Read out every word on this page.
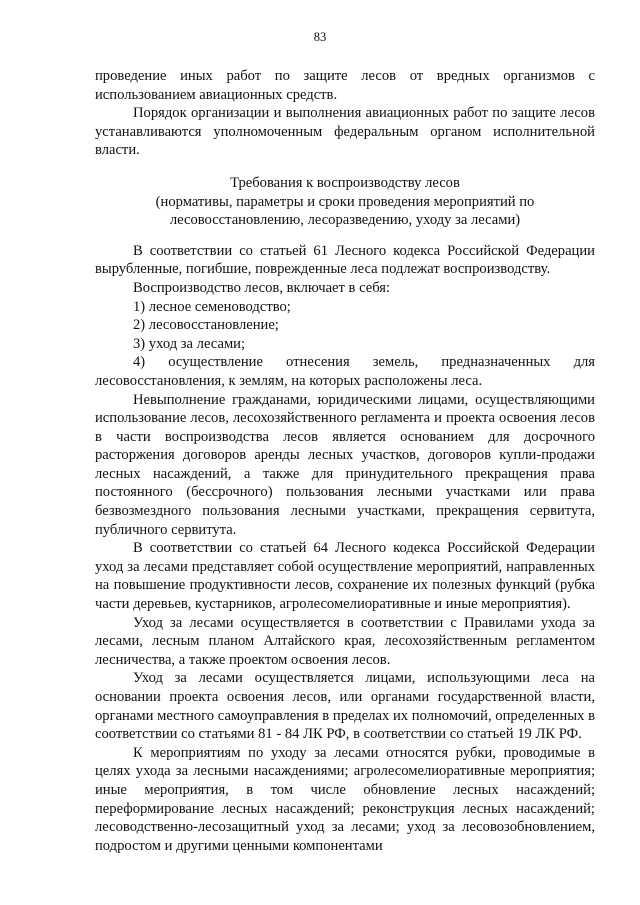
83

проведение иных работ по защите лесов от вредных организмов с использованием авиационных средств.

Порядок организации и выполнения авиационных работ по защите лесов устанавливаются уполномоченным федеральным органом исполнительной власти.

Требования к воспроизводству лесов
(нормативы, параметры и сроки проведения мероприятий по
лесовосстановлению, лесоразведению, уходу за лесами)

В соответствии со статьей 61 Лесного кодекса Российской Федерации вырубленные, погибшие, поврежденные леса подлежат воспроизводству.

Воспроизводство лесов, включает в себя:

1) лесное семеноводство;

2) лесовосстановление;

3) уход за лесами;

4) осуществление отнесения земель, предназначенных для лесовосстановления, к землям, на которых расположены леса.

Невыполнение гражданами, юридическими лицами, осуществляющими использование лесов, лесохозяйственного регламента и проекта освоения лесов в части воспроизводства лесов является основанием для досрочного расторжения договоров аренды лесных участков, договоров купли-продажи лесных насаждений, а также для принудительного прекращения права постоянного (бессрочного) пользования лесными участками или права безвозмездного пользования лесными участками, прекращения сервитута, публичного сервитута.

В соответствии со статьей 64 Лесного кодекса Российской Федерации уход за лесами представляет собой осуществление мероприятий, направленных на повышение продуктивности лесов, сохранение их полезных функций (рубка части деревьев, кустарников, агролесомелиоративные и иные мероприятия).

Уход за лесами осуществляется в соответствии с Правилами ухода за лесами, лесным планом Алтайского края, лесохозяйственным регламентом лесничества, а также проектом освоения лесов.

Уход за лесами осуществляется лицами, использующими леса на основании проекта освоения лесов, или органами государственной власти, органами местного самоуправления в пределах их полномочий, определенных в соответствии со статьями 81 - 84 ЛК РФ, в соответствии со статьей 19 ЛК РФ.

К мероприятиям по уходу за лесами относятся рубки, проводимые в целях ухода за лесными насаждениями; агролесомелиоративные мероприятия; иные мероприятия, в том числе обновление лесных насаждений; переформирование лесных насаждений; реконструкция лесных насаждений; лесоводственно-лесозащитный уход за лесами; уход за лесовозобновлением, подростом и другими ценными компонентами
